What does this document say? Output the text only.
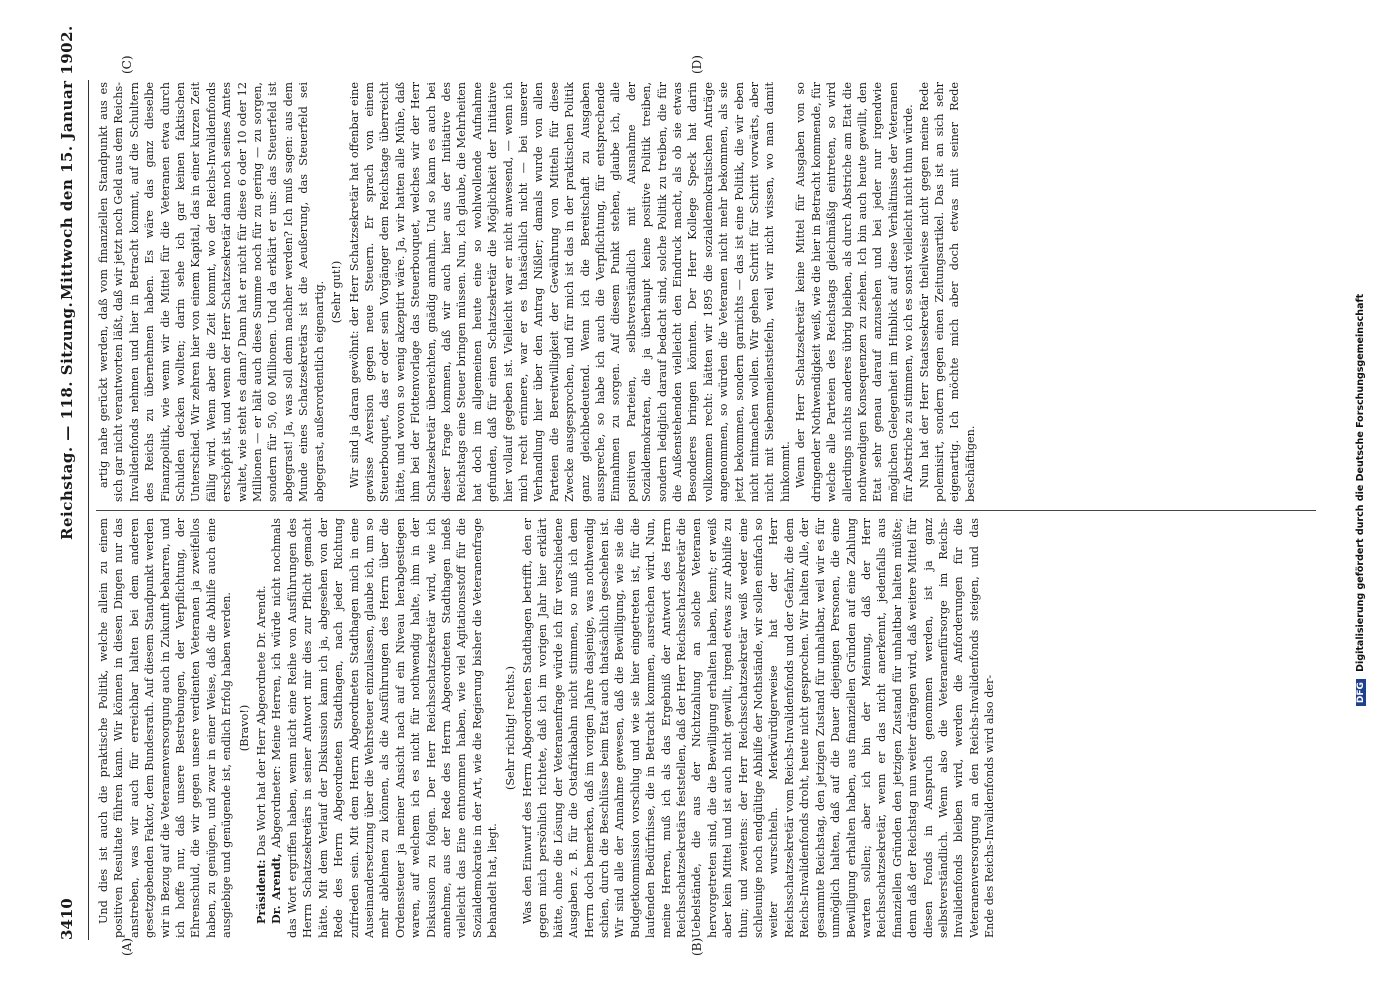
3410
Reichstag. — 118. Sitzung.
Mittwoch den 15. Januar 1902.
(A)	(B)
(C)	(D)

Und dies ist auch die praktische Politik, welche allein zu einem positiven Resultate führen kann. Wir können in diesen Dingen nur das anstreben, was wir auch für erreichbar halten bei dem anderen gesetzgebenden Faktor, dem Bundesrath. Auf diesem Standpunkt werden wir in Bezug auf die Veteranenversorgung auch in Zukunft beharren, und ich hoffe nur, daß unsere Bestrebungen, der Verpflichtung, der Ehrenschuld, die wir gegen unsere verdienten Veteranen ja zweifellos haben, zu genügen, und zwar in einer Weise, daß die Abhilfe auch eine ausgiebige und genügende ist, endlich Erfolg haben werden. (Bravo!)

Präsident: Das Wort hat der Herr Abgeordnete Dr. Arendt.

Dr. Arendt, Abgeordneter: Meine Herren, ich würde nicht nochmals das Wort ergriffen haben, wenn nicht eine Reihe von Ausführungen des Herrn Schatzsekretärs in seiner Antwort mir dies zur Pflicht gemacht hätte. Mit dem Verlauf der Diskussion kann ich ja, abgesehen von der Rede des Herrn Abgeordneten Stadthagen, nach jeder Richtung zufrieden sein. Mit dem Herrn Abgeordneten Stadthagen mich in eine Auseinandersetzung über die Wehrsteuer einzulassen, glaube ich, um so mehr ablehnen zu können, als die Ausführungen des Herrn über die Ordenssteuer ja meiner Ansicht nach auf ein Niveau herabgestiegen waren, auf welchem ich es nicht für nothwendig halte, ihm in der Diskussion zu folgen. Der Herr Reichsschatzsekretär wird, wie ich annehme, aus der Rede des Herrn Abgeordneten Stadthagen indeß vielleicht das Eine entnommen haben, wie viel Agitationsstoff für die Sozialdemokratie in der Art, wie die Regierung bisher die Veteranenfrage behandelt hat, liegt.

(Sehr richtig! rechts.) Was den Einwurf des Herrn Abgeordneten Stadthagen betrifft, den er gegen mich persönlich richtete, daß ich im vorigen Jahr hier erklärt hätte, ohne die Lösung der Veteranenfrage würde ich für verschiedene Ausgaben z. B. für die Ostafrikabahn nicht stimmen, so muß ich dem Herrn doch bemerken, daß im vorigen Jahre dasjenige, was nothwendig schien, durch die Beschlüsse beim Etat auch thatsächlich geschehen ist. Wir sind alle der Annahme gewesen, daß die Bewilligung, wie sie die Budgetkommission vorschlug und wie sie hier eingetreten ist, für die laufenden Bedürfnisse, die in Betracht kommen, ausreichen wird. Nun, meine Herren, muß ich als das Ergebniß der Antwort des Herrn Reichsschatzsekretärs feststellen, daß der Herr Reichsschatzsekretär die Uebelstände, die aus der Nichtzahlung an solche Veteranen hervorgetreten sind, die die Bewilligung erhalten haben, kennt; er weiß aber kein Mittel und ist auch nicht gewillt, irgend etwas zur Abhilfe zu thun; und zweitens: der Herr Reichsschatzsekretär weiß weder eine schleunige noch endgültige Abhilfe der Nothstände, wir sollen einfach so weiter wurschteln. Merkwürdigerweise hat der Herr Reichsschatzsekretär vom Reichs-Invalidenfonds und der Gefahr, die dem Reichs-Invalidenfonds droht, heute nicht gesprochen. Wir halten Alle, der gesammte Reichstag, den jetzigen Zustand für unhaltbar, weil wir es für unmöglich halten, daß auf die Dauer diejenigen Personen, die eine Bewilligung erhalten haben, aus finanziellen Gründen auf eine Zahlung warten sollen; aber ich bin der Meinung, daß der Herr Reichsschatzsekretär, wenn er das nicht anerkennt, jedenfalls aus finanziellen Gründen den jetzigen Zustand für unhaltbar halten müßte; denn daß der Reichstag nun weiter drängen wird, daß weitere Mittel für diesen Fonds in Anspruch genommen werden, ist ja ganz selbstverständlich. Wenn also die Veteranenfürsorge im Reichs-Invalidenfonds bleiben wird, werden die Anforderungen für die Veteranenversorgung an den Reichs-Invalidenfonds steigen, und das Ende des Reichs-Invalidenfonds wird also der-

artig nahe gerückt werden, daß vom finanziellen Standpunkt aus es sich gar nicht verantworten läßt, daß wir jetzt noch Geld aus dem Reichs-Invalidenfonds nehmen und hier in Betracht kommt, auf die Schultern des Reichs zu übernehmen haben. Es wäre das ganz dieselbe Finanzpolitik, wie wenn wir die Mittel für die Veteranen etwa durch Schulden decken wollten; darin sehe ich gar keinen faktischen Unterschied. Wir zehren hier von einem Kapital, das in einer kurzen Zeit fällig wird. Wenn aber die Zeit kommt, wo der Reichs-Invalidenfonds erschöpft ist, und wenn der Herr Schatzsekretär dann noch seines Amtes waltet, wie steht es dann? Dann hat er nicht für diese 6 oder 10 oder 12 Millionen — er hält auch diese Summe noch für zu gering — zu sorgen, sondern für 50, 60 Millionen. Und da erklärt er uns: das Steuerfeld ist abgegrast! Ja, was soll denn nachher werden? Ich muß sagen: aus dem Munde eines Schatzsekretärs ist die Aeußerung, das Steuerfeld sei abgegrast, außerordentlich eigenartig. (Sehr gut!) Wir sind ja daran gewöhnt: der Herr Schatzsekretär hat offenbar eine gewisse Aversion gegen neue Steuern. Er sprach von einem Steuerbouquet, das er oder sein Vorgänger dem Reichstage überreicht hätte, und wovon so wenig akzeptirt wäre. Ja, wir hatten alle Mühe, daß ihm bei der Flottenvorlage das Steuerbouquet, welches wir der Herr Schatzsekretär übereichten, gnädig annahm. Und so kann es auch bei dieser Frage kommen, daß wir auch hier aus der Initiative des Reichstags eine Steuer bringen müssen. Nun, ich glaube, die Mehrheiten hat doch im allgemeinen heute eine so wohlwollende Aufnahme gefunden, daß für einen Schatzsekretär die Möglichkeit der Initiative hier vollauf gegeben ist. Vielleicht war er nicht anwesend, — wenn ich mich recht erinnere, war er es thatsächlich nicht — bei unserer Verhandlung hier über den Antrag Nißler; damals wurde von allen Parteien die Bereitwilligkeit der Gewährung von Mitteln für diese Zwecke ausgesprochen, und für mich ist das in der praktischen Politik ganz gleichbedeutend. Wenn ich die Bereitschaft zu Ausgaben ausspreche, so habe ich auch die Verpflichtung, für entsprechende Einnahmen zu sorgen. Auf diesem Punkt stehen, glaube ich, alle positiven Parteien, selbstverständlich mit Ausnahme der Sozialdemokraten, die ja überhaupt keine positive Politik treiben, sondern lediglich darauf bedacht sind, solche Politik zu treiben, die für die Außenstehenden vielleicht den Eindruck macht, als ob sie etwas Besonderes bringen könnten. Der Herr Kollege Speck hat darin vollkommen recht: hätten wir 1895 die sozialdemokratischen Anträge angenommen, so würden die Veteranen nicht mehr bekommen, als sie jetzt bekommen, sondern garnichts — das ist eine Politik, die wir eben nicht mitmachen wollen. Wir gehen Schritt für Schritt vorwärts, aber nicht mit Siebenmeilenstiefeln, weil wir nicht wissen, wo man damit hinkommt. Wenn der Herr Schatzsekretär keine Mittel für Ausgaben von so dringender Nothwendigkeit weiß, wie die hier in Betracht kommende, für welche alle Parteien des Reichstags gleichmäßig eintreten, so wird allerdings nichts anderes übrig bleiben, als durch Abstriche am Etat die nothwendigen Konsequenzen zu ziehen. Ich bin auch heute gewillt, den Etat sehr genau darauf anzusehen und bei jeder nur irgendwie möglichen Gelegenheit im Hinblick auf diese Verhältnisse der Veteranen für Abstriche zu stimmen, wo ich es sonst vielleicht nicht thun würde. Nun hat der Herr Staatssekretär theilweise nicht gegen meine Rede polemisirt, sondern gegen einen Zeitungsartikel. Das ist an sich sehr eigenartig. Ich möchte mich aber doch etwas mit seiner Rede beschäftigen.

DFG Digitalisierung gefördert durch die Deutsche Forschungsgemeinschaft
